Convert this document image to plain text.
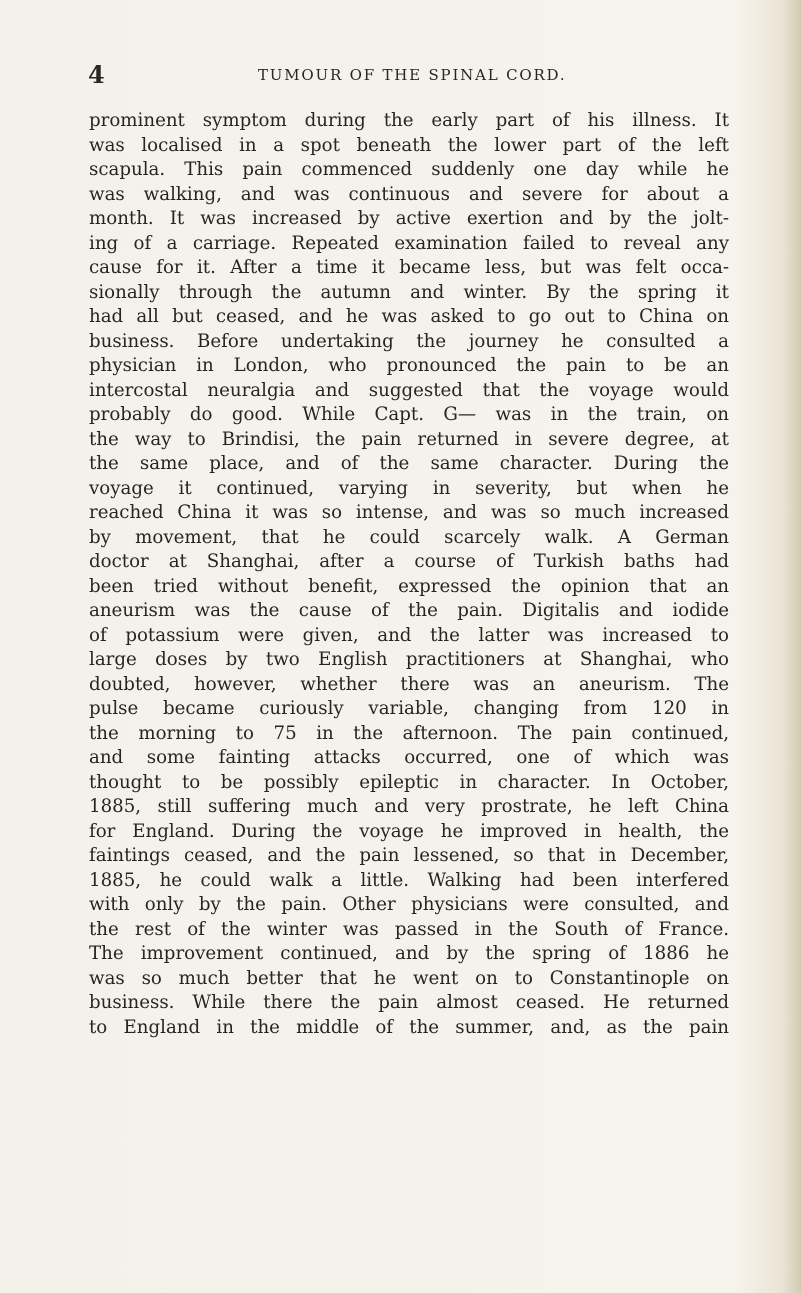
4	TUMOUR OF THE SPINAL CORD.
prominent symptom during the early part of his illness. It
was localised in a spot beneath the lower part of the left
scapula. This pain commenced suddenly one day while he
was walking, and was continuous and severe for about a
month. It was increased by active exertion and by the jolt-
ing of a carriage. Repeated examination failed to reveal any
cause for it. After a time it became less, but was felt occa-
sionally through the autumn and winter. By the spring it
had all but ceased, and he was asked to go out to China on
business. Before undertaking the journey he consulted a
physician in London, who pronounced the pain to be an
intercostal neuralgia and suggested that the voyage would
probably do good. While Capt. G— was in the train, on
the way to Brindisi, the pain returned in severe degree, at
the same place, and of the same character. During the
voyage it continued, varying in severity, but when he
reached China it was so intense, and was so much increased
by movement, that he could scarcely walk. A German
doctor at Shanghai, after a course of Turkish baths had
been tried without benefit, expressed the opinion that an
aneurism was the cause of the pain. Digitalis and iodide
of potassium were given, and the latter was increased to
large doses by two English practitioners at Shanghai, who
doubted, however, whether there was an aneurism. The
pulse became curiously variable, changing from 120 in
the morning to 75 in the afternoon. The pain continued,
and some fainting attacks occurred, one of which was
thought to be possibly epileptic in character. In October,
1885, still suffering much and very prostrate, he left China
for England. During the voyage he improved in health, the
faintings ceased, and the pain lessened, so that in December,
1885, he could walk a little. Walking had been interfered
with only by the pain. Other physicians were consulted, and
the rest of the winter was passed in the South of France.
The improvement continued, and by the spring of 1886 he
was so much better that he went on to Constantinople on
business. While there the pain almost ceased. He returned
to England in the middle of the summer, and, as the pain
